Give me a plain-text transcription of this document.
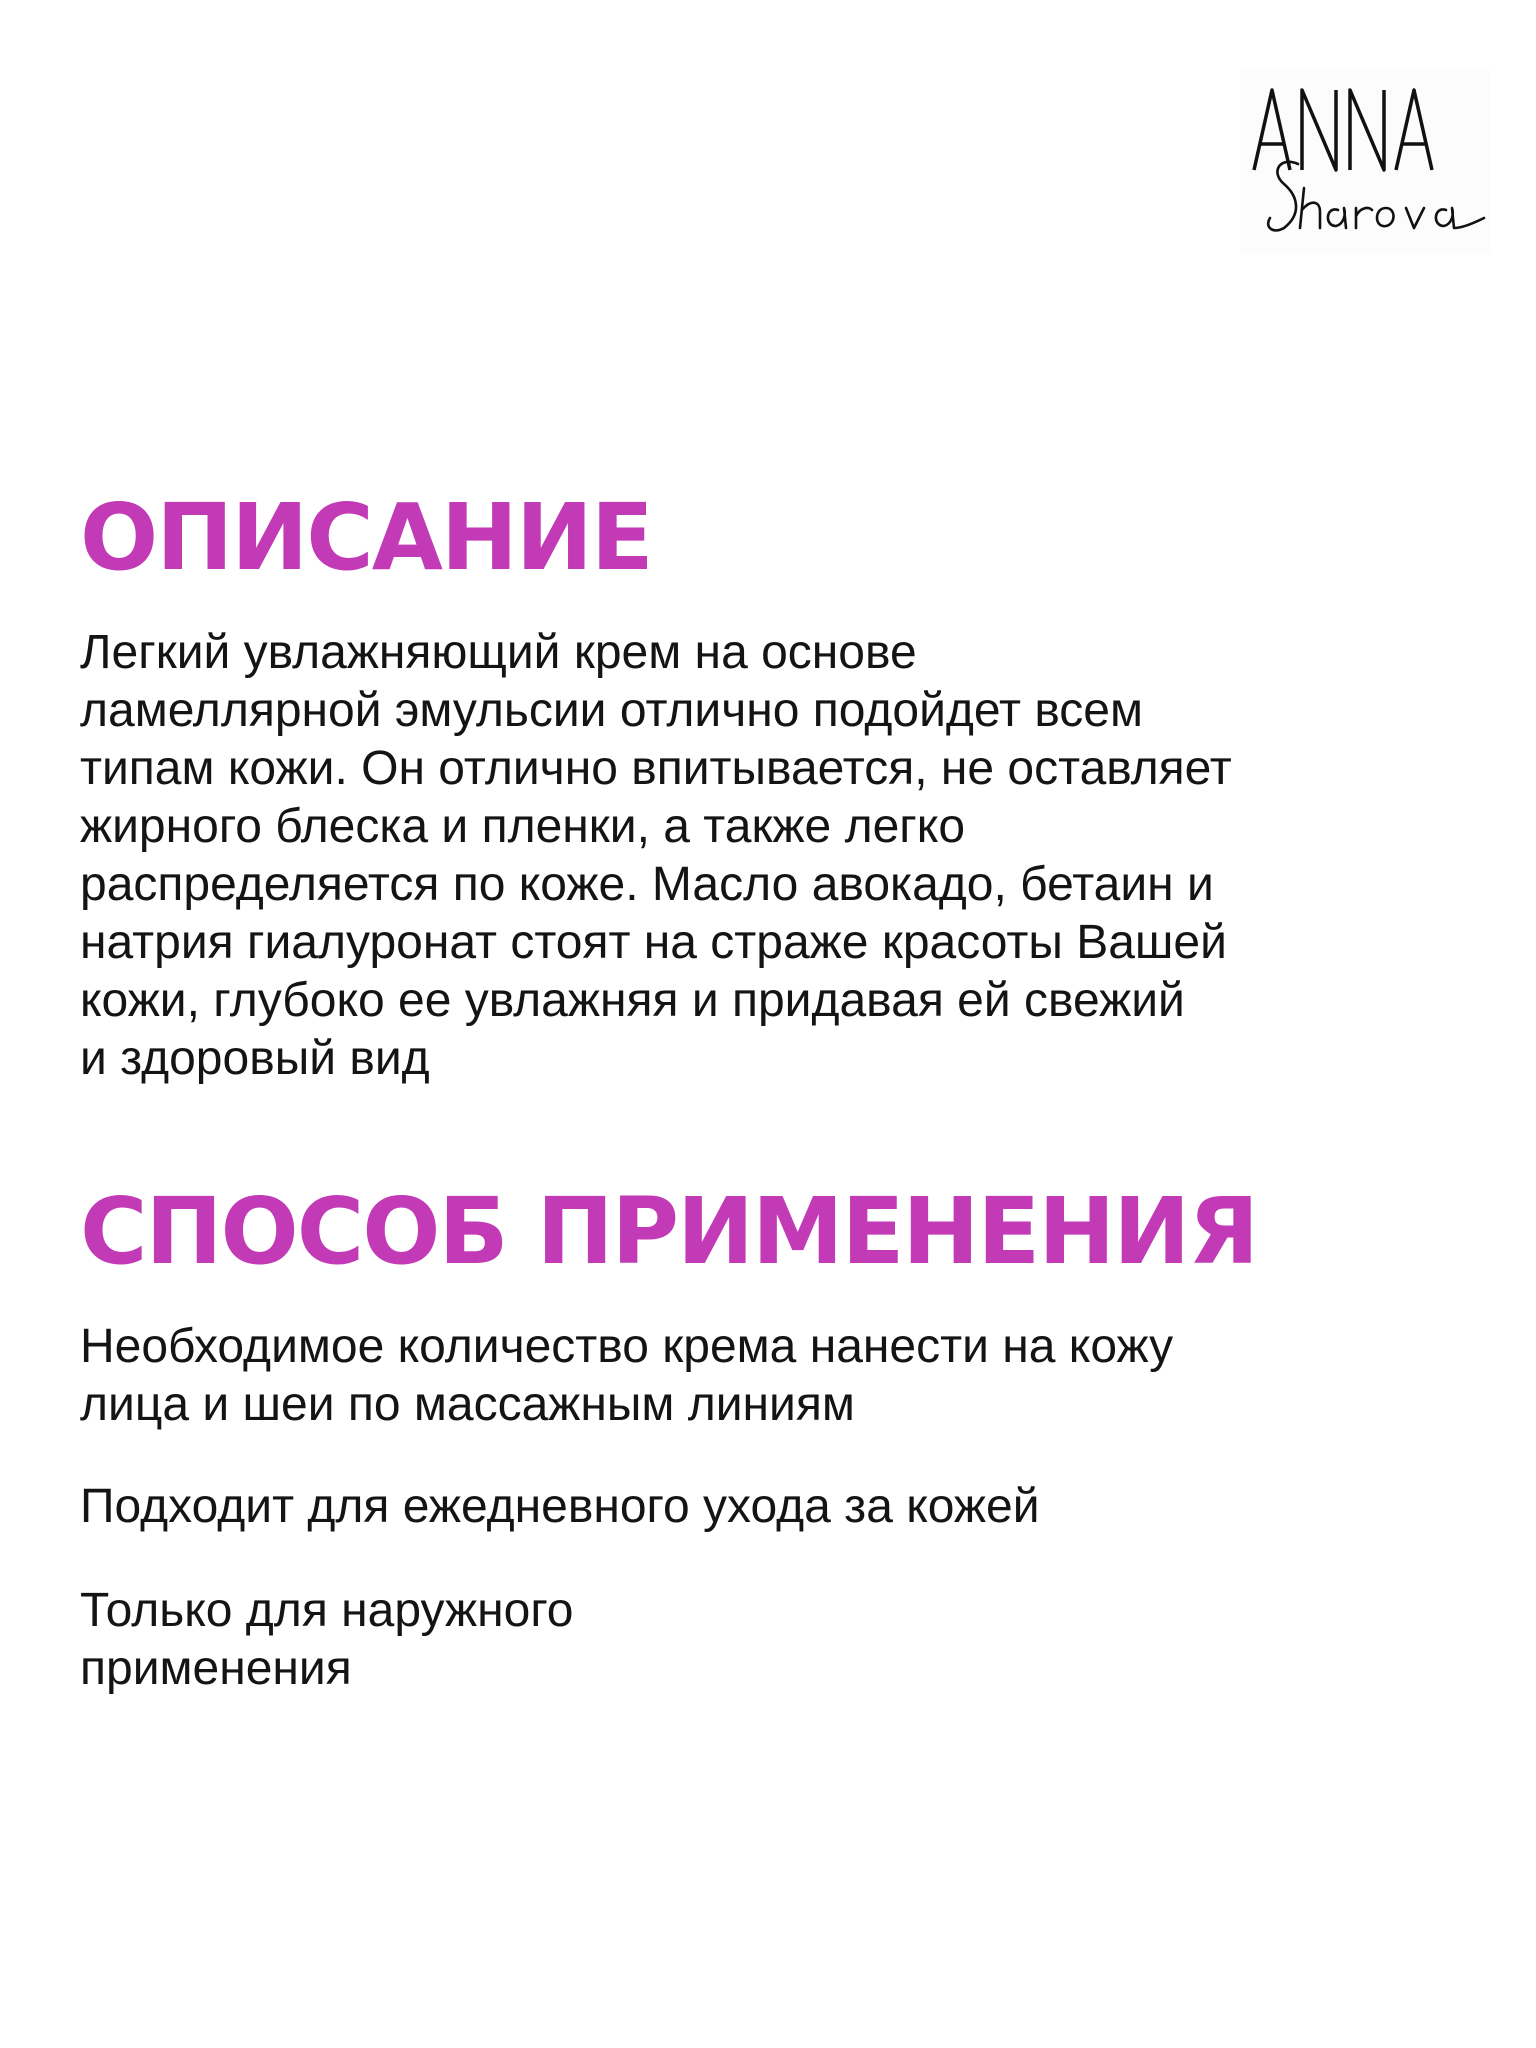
ОПИСАНИЕ
Легкий увлажняющий крем на основе
ламеллярной эмульсии отлично подойдет всем
типам кожи. Он отлично впитывается, не оставляет
жирного блеска и пленки, а также легко
распределяется по коже. Масло авокадо, бетаин и
натрия гиалуронат стоят на страже красоты Вашей
кожи, глубоко ее увлажняя и придавая ей свежий
и здоровый вид
СПОСОБ ПРИМЕНЕНИЯ
Необходимое количество крема нанести на кожу
лица и шеи по массажным линиям
Подходит для ежедневного ухода за кожей
Только для наружного
применения
